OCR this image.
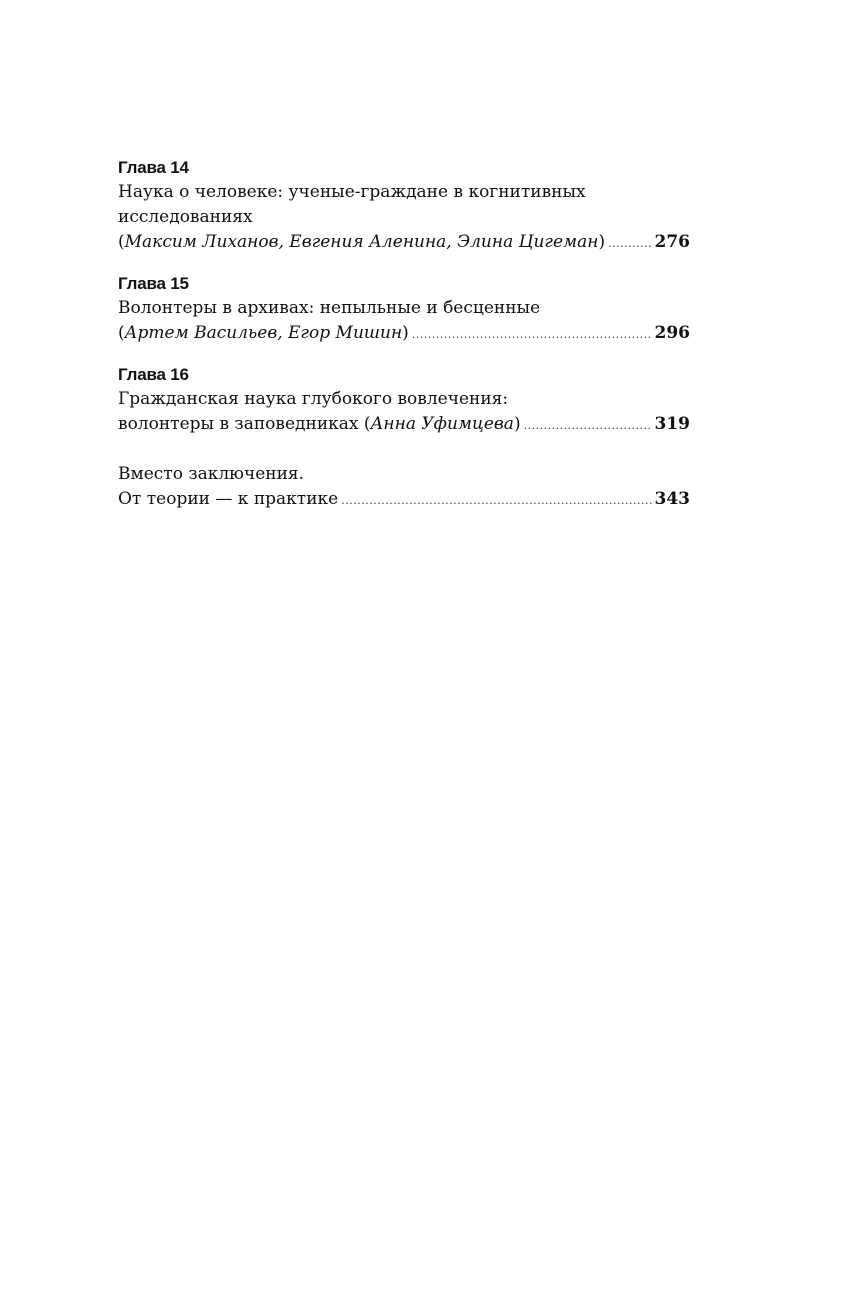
Глава 14
Наука о человеке: ученые-граждане в когнитивных
исследованиях
(Максим Лиханов, Евгения Аленина, Элина Цигеман) .....	276
Глава 15
Волонтеры в архивах: непыльные и бесценные
(Артем Васильев, Егор Мишин) .....	296
Глава 16
Гражданская наука глубокого вовлечения:
волонтеры в заповедниках (Анна Уфимцева) .....	319
Вместо заключения.
От теории — к практике .....	343
